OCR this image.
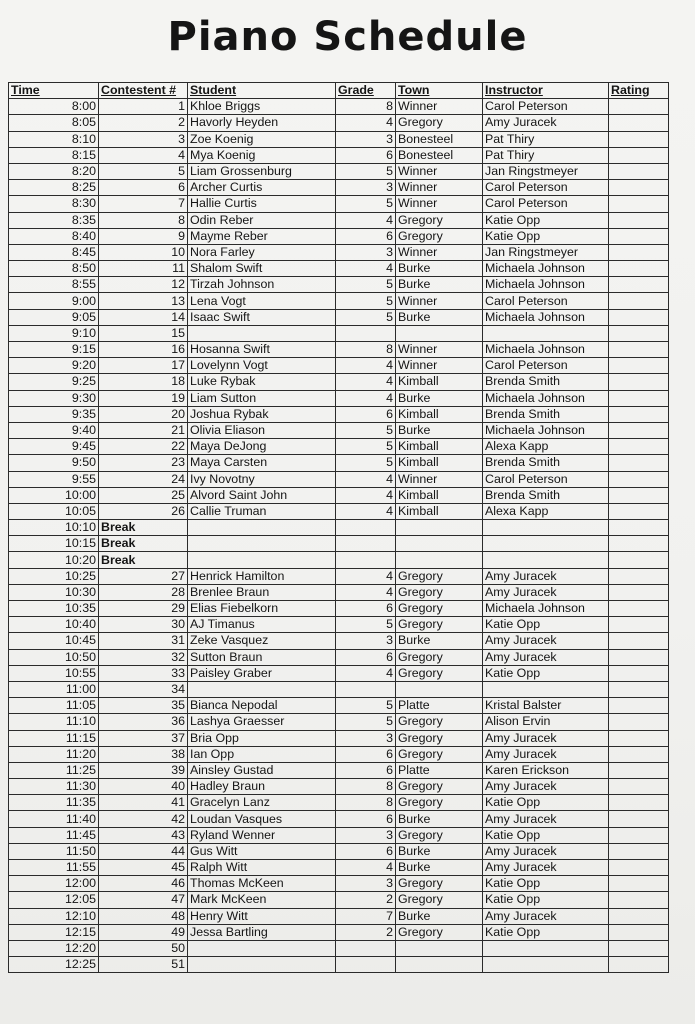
Piano Schedule
Time	Contestent #	Student	Grade	Town	Instructor	Rating
8:00	1	Khloe Briggs	8	Winner	Carol Peterson	
8:05	2	Havorly Heyden	4	Gregory	Amy Juracek	
8:10	3	Zoe Koenig	3	Bonesteel	Pat Thiry	
8:15	4	Mya Koenig	6	Bonesteel	Pat Thiry	
8:20	5	Liam Grossenburg	5	Winner	Jan Ringstmeyer	
8:25	6	Archer Curtis	3	Winner	Carol Peterson	
8:30	7	Hallie Curtis	5	Winner	Carol Peterson	
8:35	8	Odin Reber	4	Gregory	Katie Opp	
8:40	9	Mayme Reber	6	Gregory	Katie Opp	
8:45	10	Nora Farley	3	Winner	Jan Ringstmeyer	
8:50	11	Shalom Swift	4	Burke	Michaela Johnson	
8:55	12	Tirzah Johnson	5	Burke	Michaela Johnson	
9:00	13	Lena Vogt	5	Winner	Carol Peterson	
9:05	14	Isaac Swift	5	Burke	Michaela Johnson	
9:10	15					
9:15	16	Hosanna Swift	8	Winner	Michaela Johnson	
9:20	17	Lovelynn Vogt	4	Winner	Carol Peterson	
9:25	18	Luke Rybak	4	Kimball	Brenda Smith	
9:30	19	Liam Sutton	4	Burke	Michaela Johnson	
9:35	20	Joshua Rybak	6	Kimball	Brenda Smith	
9:40	21	Olivia Eliason	5	Burke	Michaela Johnson	
9:45	22	Maya DeJong	5	Kimball	Alexa Kapp	
9:50	23	Maya Carsten	5	Kimball	Brenda Smith	
9:55	24	Ivy Novotny	4	Winner	Carol Peterson	
10:00	25	Alvord Saint John	4	Kimball	Brenda Smith	
10:05	26	Callie Truman	4	Kimball	Alexa Kapp	
10:10	Break					
10:15	Break					
10:20	Break					
10:25	27	Henrick Hamilton	4	Gregory	Amy Juracek	
10:30	28	Brenlee Braun	4	Gregory	Amy Juracek	
10:35	29	Elias Fiebelkorn	6	Gregory	Michaela Johnson	
10:40	30	AJ Timanus	5	Gregory	Katie Opp	
10:45	31	Zeke Vasquez	3	Burke	Amy Juracek	
10:50	32	Sutton Braun	6	Gregory	Amy Juracek	
10:55	33	Paisley Graber	4	Gregory	Katie Opp	
11:00	34					
11:05	35	Bianca Nepodal	5	Platte	Kristal Balster	
11:10	36	Lashya Graesser	5	Gregory	Alison Ervin	
11:15	37	Bria Opp	3	Gregory	Amy Juracek	
11:20	38	Ian Opp	6	Gregory	Amy Juracek	
11:25	39	Ainsley Gustad	6	Platte	Karen Erickson	
11:30	40	Hadley Braun	8	Gregory	Amy Juracek	
11:35	41	Gracelyn Lanz	8	Gregory	Katie Opp	
11:40	42	Loudan Vasques	6	Burke	Amy Juracek	
11:45	43	Ryland Wenner	3	Gregory	Katie Opp	
11:50	44	Gus Witt	6	Burke	Amy Juracek	
11:55	45	Ralph Witt	4	Burke	Amy Juracek	
12:00	46	Thomas McKeen	3	Gregory	Katie Opp	
12:05	47	Mark McKeen	2	Gregory	Katie Opp	
12:10	48	Henry Witt	7	Burke	Amy Juracek	
12:15	49	Jessa Bartling	2	Gregory	Katie Opp	
12:20	50					
12:25	51					
